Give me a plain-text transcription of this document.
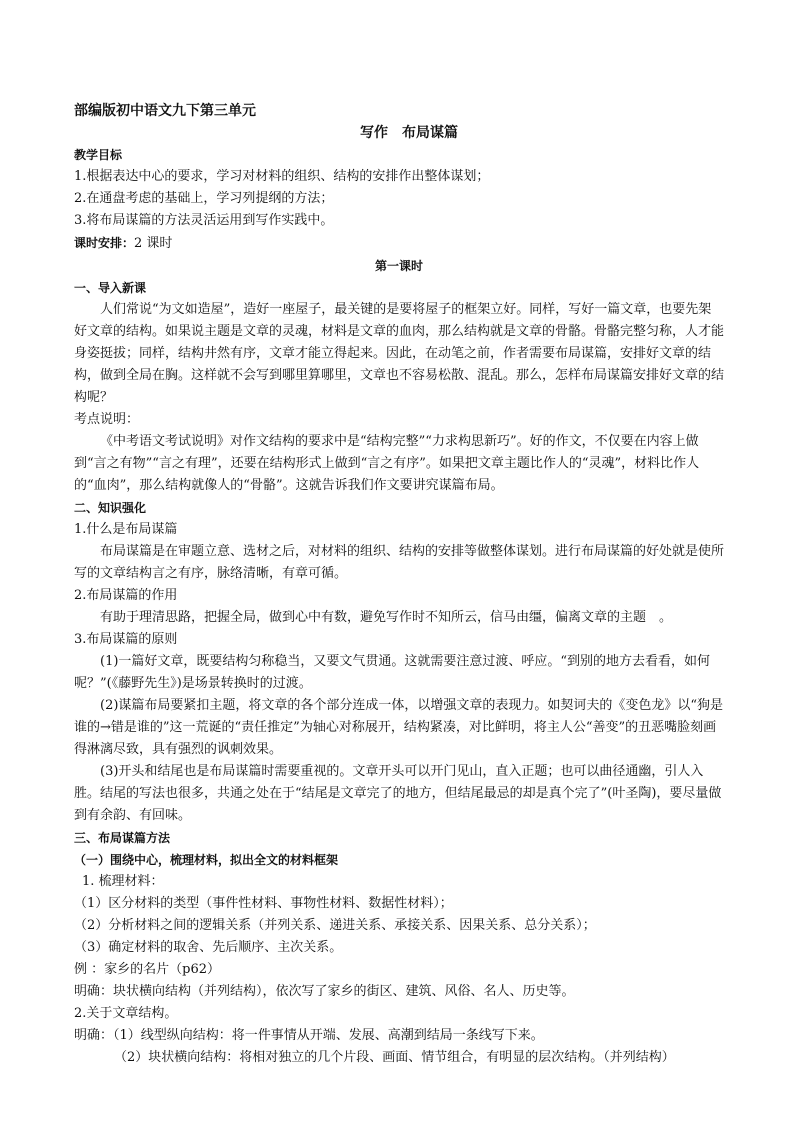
部编版初中语文九下第三单元

写作　布局谋篇

教学目标

1.根据表达中心的要求，学习对材料的组织、结构的安排作出整体谋划；

2.在通盘考虑的基础上，学习列提纲的方法；

3.将布局谋篇的方法灵活运用到写作实践中。

课时安排：2 课时

第一课时

一、导入新课

人们常说“为文如造屋”，造好一座屋子，最关键的是要将屋子的框架立好。同样，写好一篇文章，也要先架好文章的结构。如果说主题是文章的灵魂，材料是文章的血肉，那么结构就是文章的骨骼。骨骼完整匀称，人才能身姿挺拔；同样，结构井然有序，文章才能立得起来。因此，在动笔之前，作者需要布局谋篇，安排好文章的结构，做到全局在胸。这样就不会写到哪里算哪里，文章也不容易松散、混乱。那么，怎样布局谋篇安排好文章的结构呢？

考点说明：

《中考语文考试说明》对作文结构的要求中是“结构完整”“力求构思新巧”。好的作文，不仅要在内容上做到“言之有物”“言之有理”，还要在结构形式上做到“言之有序”。如果把文章主题比作人的“灵魂”，材料比作人的“血肉”，那么结构就像人的“骨骼”。这就告诉我们作文要讲究谋篇布局。

二、知识强化

1.什么是布局谋篇

布局谋篇是在审题立意、选材之后，对材料的组织、结构的安排等做整体谋划。进行布局谋篇的好处就是使所写的文章结构言之有序，脉络清晰，有章可循。

2.布局谋篇的作用

有助于理清思路，把握全局，做到心中有数，避免写作时不知所云，信马由缰，偏离文章的主题　。

3.布局谋篇的原则

(1)一篇好文章，既要结构匀称稳当，又要文气贯通。这就需要注意过渡、呼应。“到别的地方去看看，如何呢？”(《藤野先生》)是场景转换时的过渡。

(2)谋篇布局要紧扣主题，将文章的各个部分连成一体，以增强文章的表现力。如契诃夫的《变色龙》以“狗是谁的→错是谁的”这一荒诞的“责任推定”为轴心对称展开，结构紧凑，对比鲜明，将主人公“善变”的丑恶嘴脸刻画得淋漓尽致，具有强烈的讽刺效果。

(3)开头和结尾也是布局谋篇时需要重视的。文章开头可以开门见山，直入正题；也可以曲径通幽，引人入胜。结尾的写法也很多，共通之处在于“结尾是文章完了的地方，但结尾最忌的却是真个完了”(叶圣陶)，要尽量做到有余韵、有回味。

三、布局谋篇方法

（一）围绕中心，梳理材料，拟出全文的材料框架

1. 梳理材料：

（1）区分材料的类型（事件性材料、事物性材料、数据性材料）；

（2）分析材料之间的逻辑关系（并列关系、递进关系、承接关系、因果关系、总分关系）；

（3）确定材料的取舍、先后顺序、主次关系。

例 ：家乡的名片（p62）

明确：块状横向结构（并列结构），依次写了家乡的街区、建筑、风俗、名人、历史等。

2.关于文章结构。

明确：（1）线型纵向结构：将一件事情从开端、发展、高潮到结局一条线写下来。

（2）块状横向结构：将相对独立的几个片段、画面、情节组合，有明显的层次结构。（并列结构）
